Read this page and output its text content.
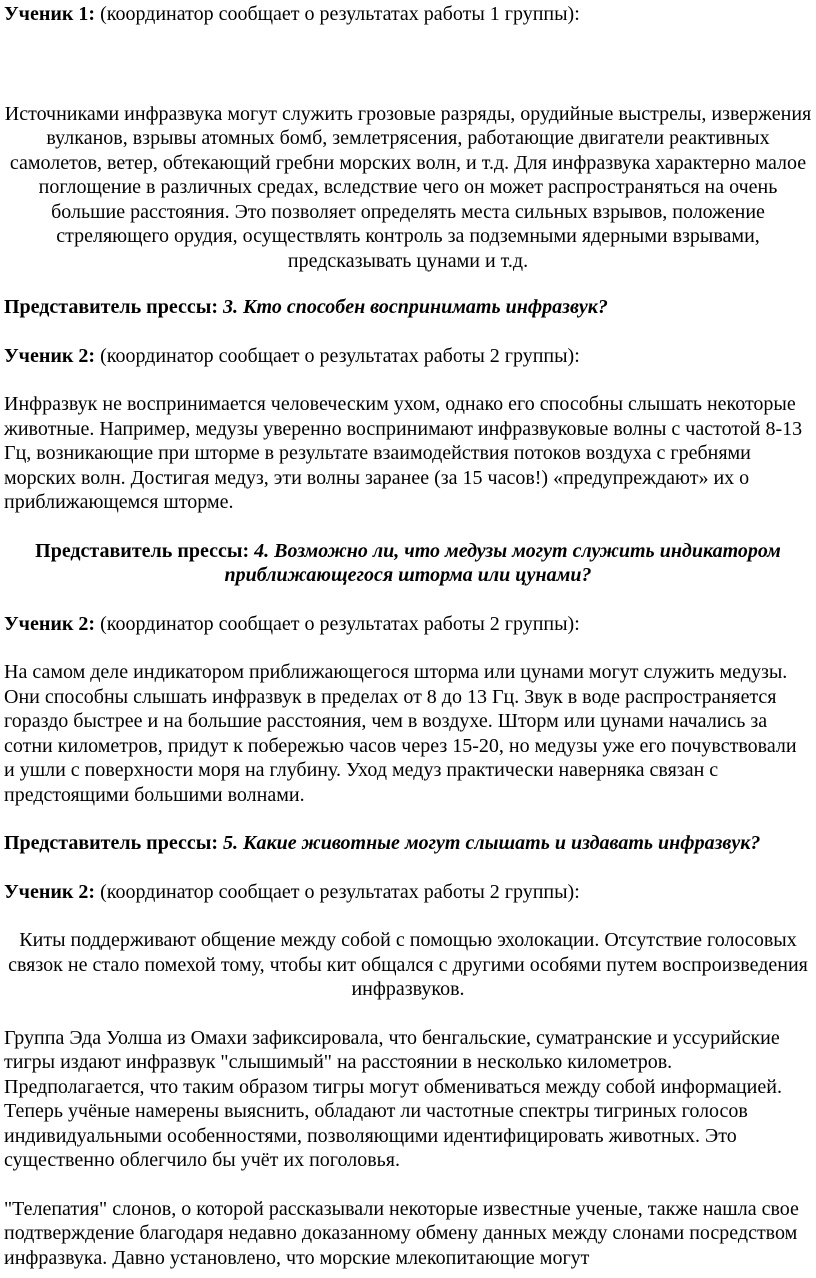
Ученик 1: (координатор сообщает о результатах работы 1 группы):

Источниками инфразвука могут служить грозовые разряды, орудийные выстрелы, извержения вулканов, взрывы атомных бомб, землетрясения, работающие двигатели реактивных самолетов, ветер, обтекающий гребни морских волн, и т.д. Для инфразвука характерно малое поглощение в различных средах, вследствие чего он может распространяться на очень большие расстояния. Это позволяет определять места сильных взрывов, положение стреляющего орудия, осуществлять контроль за подземными ядерными взрывами, предсказывать цунами и т.д.

Представитель прессы: 3. Кто способен воспринимать инфразвук?

Ученик 2: (координатор сообщает о результатах работы 2 группы):

Инфразвук не воспринимается человеческим ухом, однако его способны слышать некоторые животные. Например, медузы уверенно воспринимают инфразвуковые волны с частотой 8-13 Гц, возникающие при шторме в результате взаимодействия потоков воздуха с гребнями морских волн. Достигая медуз, эти волны заранее (за 15 часов!) «предупреждают» их о приближающемся шторме.

Представитель прессы: 4. Возможно ли, что медузы могут служить индикатором приближающегося шторма или цунами?

Ученик 2: (координатор сообщает о результатах работы 2 группы):

На самом деле индикатором приближающегося шторма или цунами могут служить медузы. Они способны слышать инфразвук в пределах от 8 до 13 Гц. Звук в воде распространяется гораздо быстрее и на большие расстояния, чем в воздухе. Шторм или цунами начались за сотни километров, придут к побережью часов через 15-20, но медузы уже его почувствовали и ушли с поверхности моря на глубину. Уход медуз практически наверняка связан с предстоящими большими волнами.

Представитель прессы: 5. Какие животные могут слышать и издавать инфразвук?

Ученик 2: (координатор сообщает о результатах работы 2 группы):

Киты поддерживают общение между собой с помощью эхолокации. Отсутствие голосовых связок не стало помехой тому, чтобы кит общался с другими особями путем воспроизведения инфразвуков.

Группа Эда Уолша из Омахи зафиксировала, что бенгальские, суматранские и уссурийские тигры издают инфразвук "слышимый" на расстоянии в несколько километров. Предполагается, что таким образом тигры могут обмениваться между собой информацией. Теперь учёные намерены выяснить, обладают ли частотные спектры тигриных голосов индивидуальными особенностями, позволяющими идентифицировать животных. Это существенно облегчило бы учёт их поголовья.

"Телепатия" слонов, о которой рассказывали некоторые известные ученые, также нашла свое подтверждение благодаря недавно доказанному обмену данных между слонами посредством инфразвука. Давно установлено, что морские млекопитающие могут
